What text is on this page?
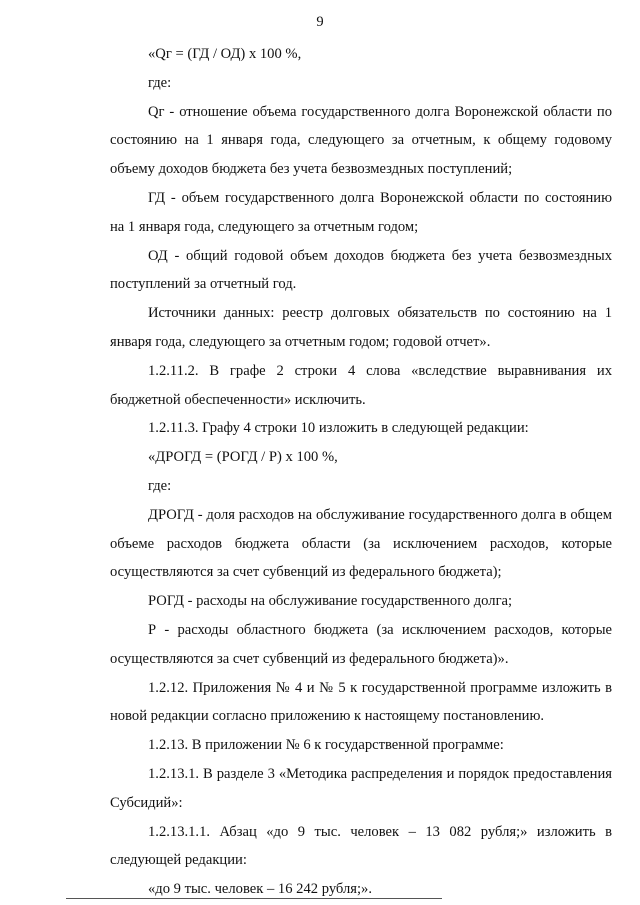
9

«Qг = (ГД / ОД) х 100 %,

где:

Qг - отношение объема государственного долга Воронежской области по состоянию на 1 января года, следующего за отчетным, к общему годовому объему доходов бюджета без учета безвозмездных поступлений;

ГД - объем государственного долга Воронежской области по состоянию на 1 января года, следующего за отчетным годом;

ОД - общий годовой объем доходов бюджета без учета безвозмездных поступлений за отчетный год.

Источники данных: реестр долговых обязательств по состоянию на 1 января года, следующего за отчетным годом; годовой отчет».

1.2.11.2. В графе 2 строки 4 слова «вследствие выравнивания их бюджетной обеспеченности» исключить.

1.2.11.3. Графу 4 строки 10 изложить в следующей редакции:

«ДРОГД = (РОГД / Р) х 100 %,

где:

ДРОГД - доля расходов на обслуживание государственного долга в общем объеме расходов бюджета области (за исключением расходов, которые осуществляются за счет субвенций из федерального бюджета);

РОГД - расходы на обслуживание государственного долга;

Р - расходы областного бюджета (за исключением расходов, которые осуществляются за счет субвенций из федерального бюджета)».

1.2.12. Приложения № 4 и № 5 к государственной программе изложить в новой редакции согласно приложению к настоящему постановлению.

1.2.13. В приложении № 6 к государственной программе:

1.2.13.1. В разделе 3 «Методика распределения и порядок предоставления Субсидий»:

1.2.13.1.1. Абзац «до 9 тыс. человек – 13 082 рубля;» изложить в следующей редакции:

«до 9 тыс. человек – 16 242 рубля;».
